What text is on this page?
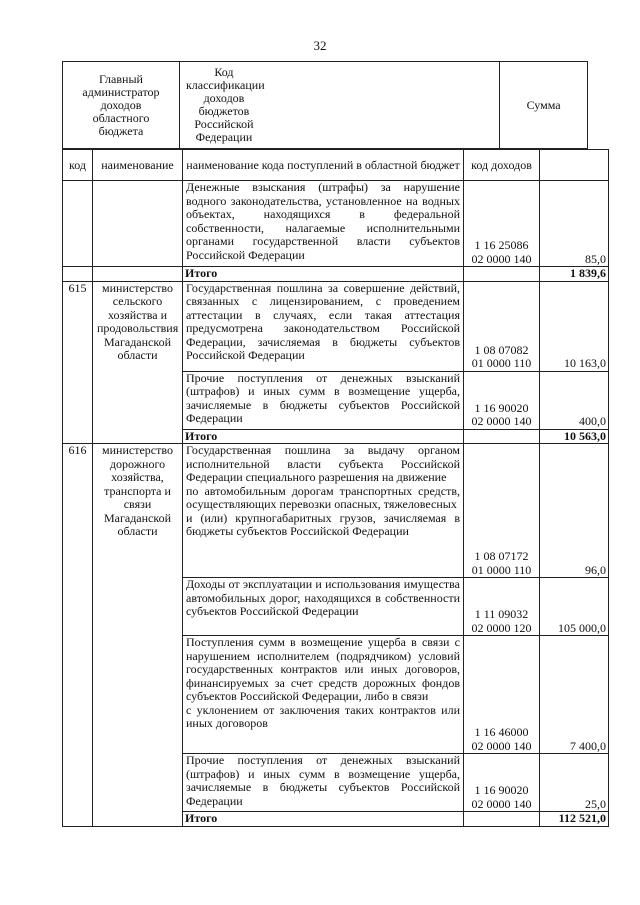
32
Главный администратор доходов областного бюджета	
Код классификации доходов бюджетов Российской Федерации
	Сумма
код	наименование	наименование кода поступлений в областной бюджет	код доходов	
		Денежные взыскания (штрафы) за нарушение водного законодательства, установленное на водных объектах, находящихся в федеральной собственности, налагаемые исполнительными органами государственной власти субъектов Российской Федерации	1 16 25086
02 0000 140	85,0
		Итого		1 839,6
615	министерство сельского хозяйства и продовольствия Магаданской области	Государственная пошлина за совершение действий, связанных с лицензированием, с проведением аттестации в случаях, если такая аттестация предусмотрена законодательством Российской Федерации, зачисляемая в бюджеты субъектов Российской Федерации	1 08 07082
01 0000 110	10 163,0
		Прочие поступления от денежных взысканий (штрафов) и иных сумм в возмещение ущерба, зачисляемые в бюджеты субъектов Российской Федерации	1 16 90020
02 0000 140	400,0
		Итого		10 563,0
616	министерство дорожного хозяйства, транспорта и связи Магаданской области	Государственная пошлина за выдачу органом исполнительной власти субъекта Российской Федерации специального разрешения на движение
по автомобильным дорогам транспортных средств, осуществляющих перевозки опасных, тяжеловесных
и (или) крупногабаритных грузов, зачисляемая в бюджеты субъектов Российской Федерации	1 08 07172
01 0000 110	96,0
		Доходы от эксплуатации и использования имущества автомобильных дорог, находящихся в собственности субъектов Российской Федерации	1 11 09032
02 0000 120	105 000,0
		Поступления сумм в возмещение ущерба в связи с нарушением исполнителем (подрядчиком) условий государственных контрактов или иных договоров, финансируемых за счет средств дорожных фондов субъектов Российской Федерации, либо в связи
с уклонением от заключения таких контрактов или иных договоров	1 16 46000
02 0000 140	7 400,0
		Прочие поступления от денежных взысканий (штрафов) и иных сумм в возмещение ущерба, зачисляемые в бюджеты субъектов Российской Федерации	1 16 90020
02 0000 140	25,0
		Итого		112 521,0
